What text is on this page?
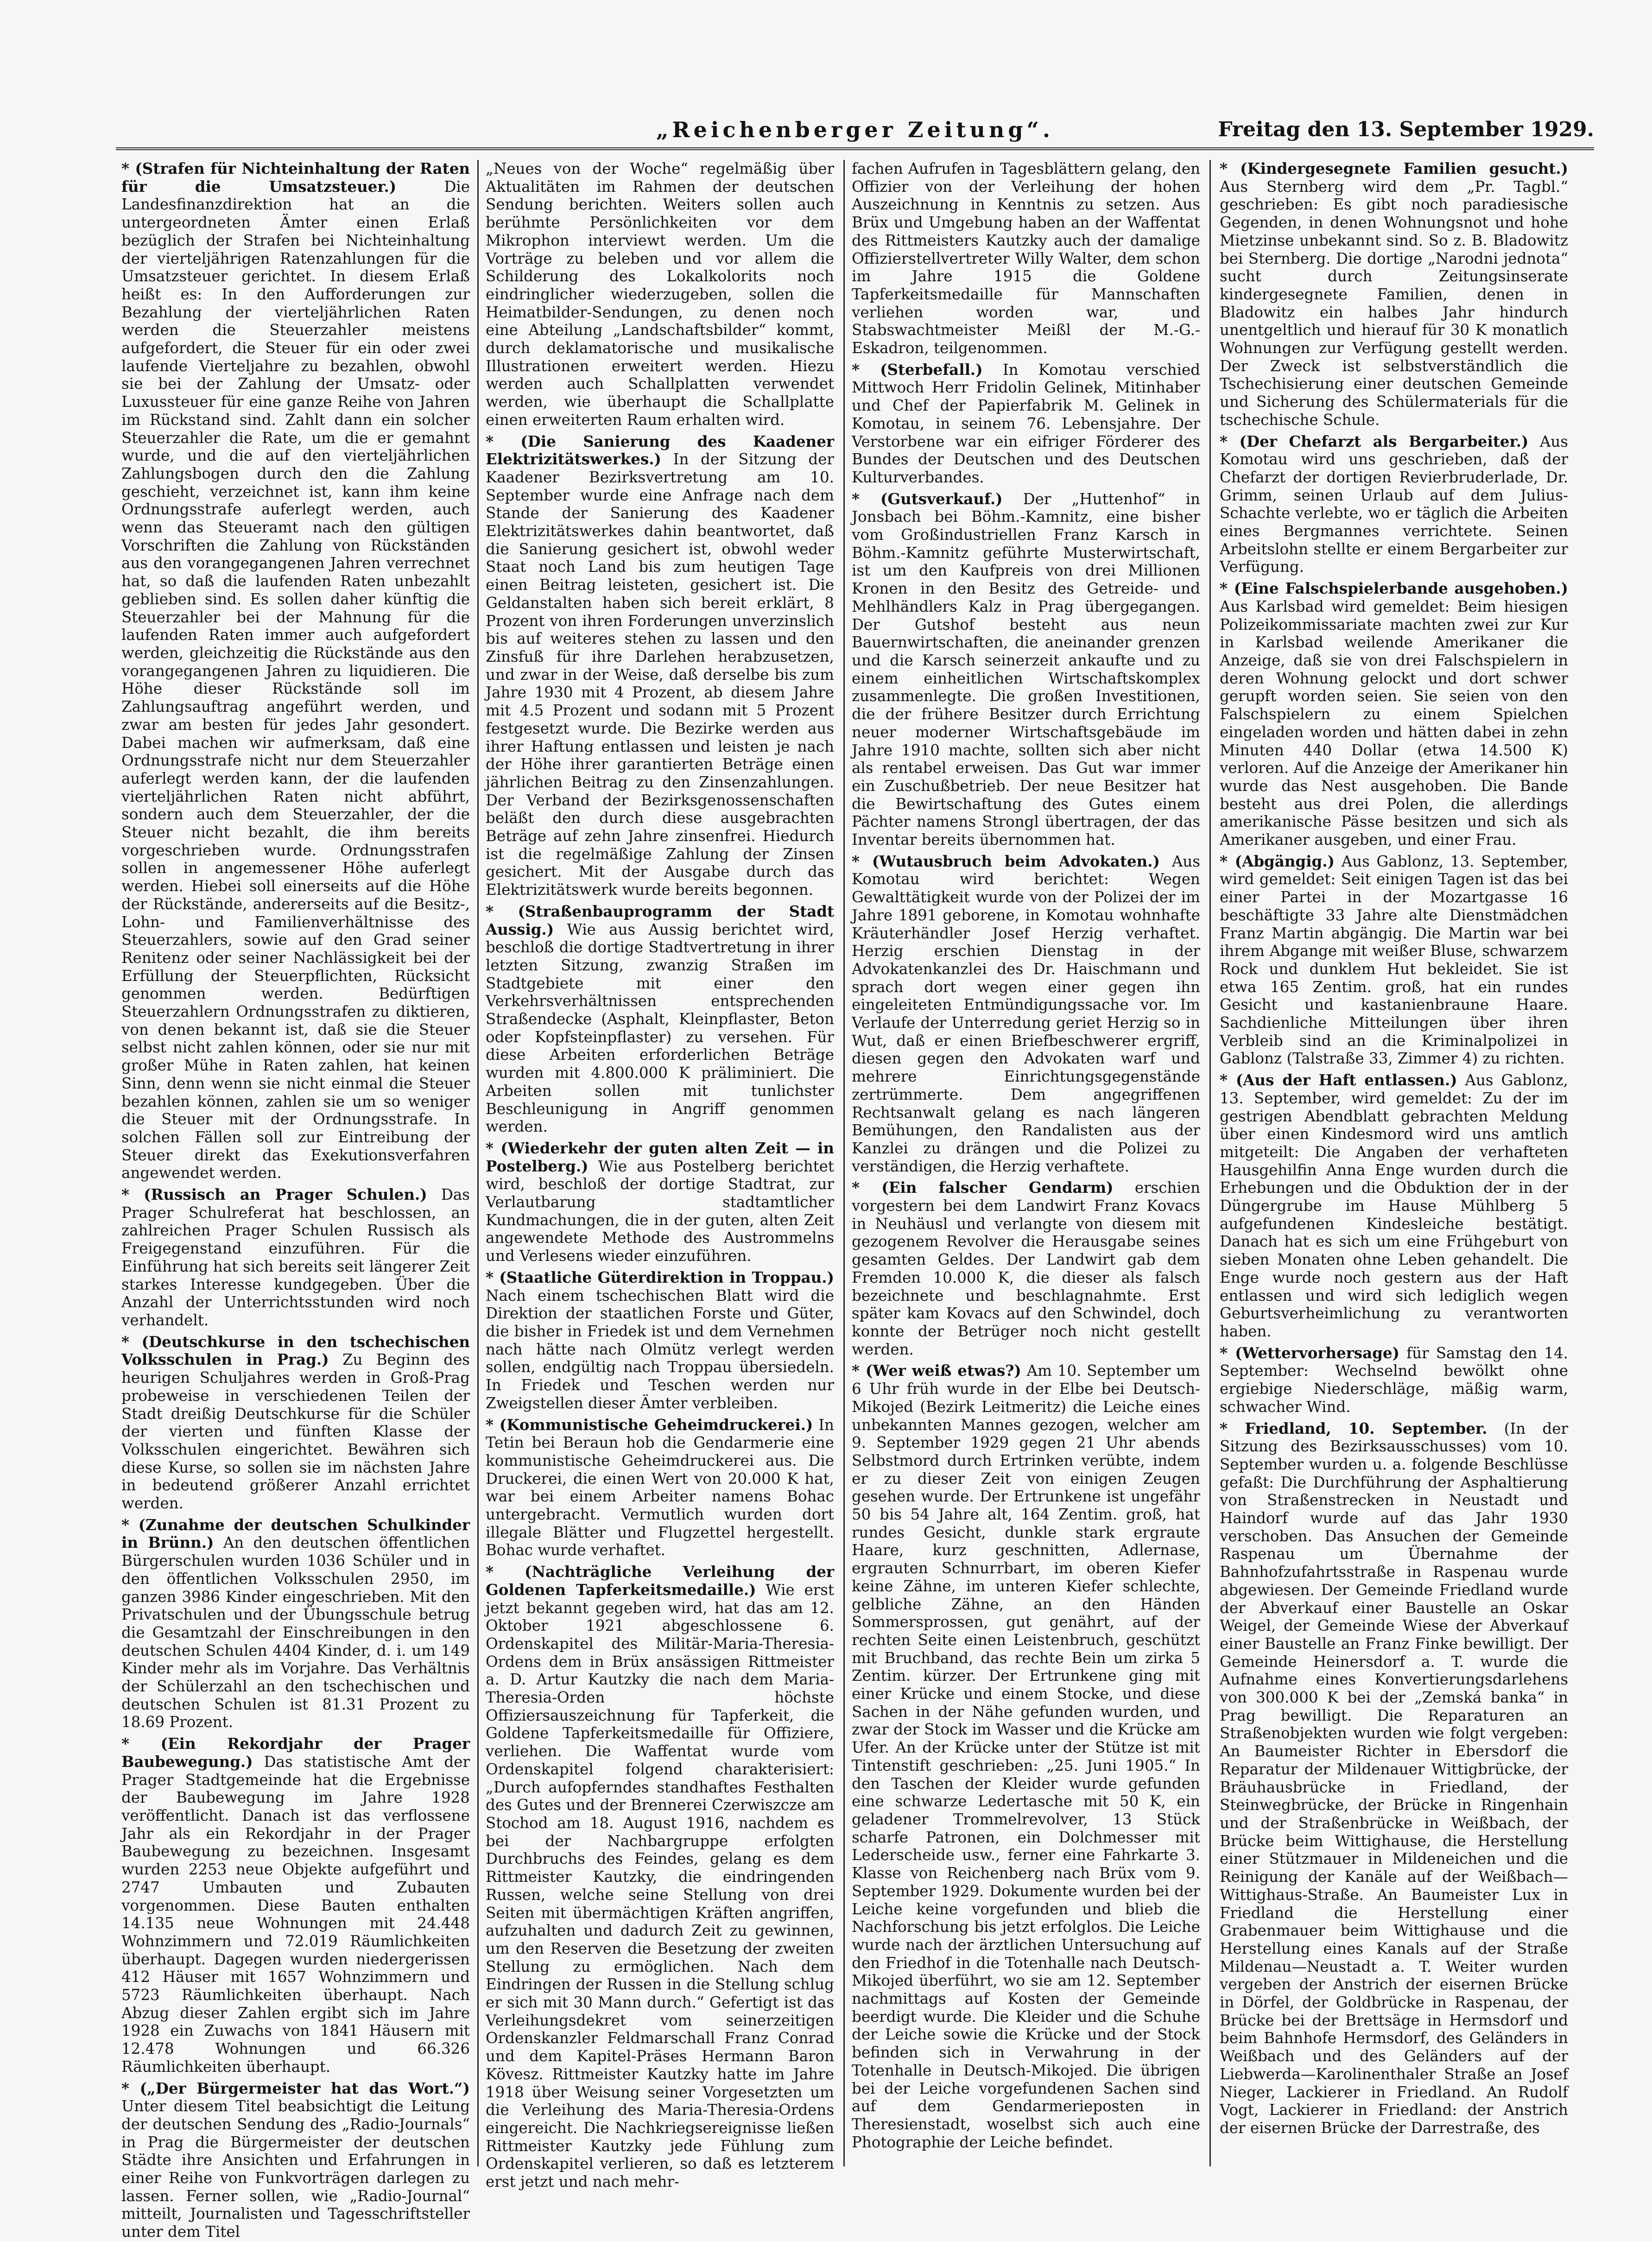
„Reichenberger Zeitung“.	Freitag den 13. September 1929.
* (Strafen für Nichteinhaltung der Raten für die Umsatzsteuer.)	Die Landesfinanzdirektion hat an die untergeordneten Ämter einen Erlaß bezüglich der Strafen bei Nichteinhaltung der vierteljährigen Ratenzahlungen für die Umsatzsteuer gerichtet. In diesem Erlaß heißt es: In den Aufforderungen zur Bezahlung der vierteljährlichen Raten werden die Steuerzahler meistens aufgefordert, die Steuer für ein oder zwei laufende Vierteljahre zu bezahlen, obwohl sie bei der Zahlung der Umsatz- oder Luxussteuer für eine ganze Reihe von Jahren im Rückstand sind. Zahlt dann ein solcher Steuerzahler die Rate, um die er gemahnt wurde, und die auf den vierteljährlichen Zahlungsbogen durch den die Zahlung geschieht, verzeichnet ist, kann ihm keine Ordnungsstrafe auferlegt werden, auch wenn das Steueramt nach den gültigen Vorschriften die Zahlung von Rückständen aus den vorangegangenen Jahren verrechnet hat, so daß die laufenden Raten unbezahlt geblieben sind. Es sollen daher künftig die Steuerzahler bei der Mahnung für die laufenden Raten immer auch aufgefordert werden, gleichzeitig die Rückstände aus den vorangegangenen Jahren zu liquidieren. Die Höhe dieser Rückstände soll im Zahlungsauftrag angeführt werden, und zwar am besten für jedes Jahr gesondert. Dabei machen wir aufmerksam, daß eine Ordnungsstrafe nicht nur dem Steuerzahler auferlegt werden kann, der die laufenden vierteljährlichen Raten nicht abführt, sondern auch dem Steuerzahler, der die Steuer nicht bezahlt, die ihm bereits vorgeschrieben wurde. Ordnungsstrafen sollen in angemessener Höhe auferlegt werden. Hiebei soll einerseits auf die Höhe der Rückstände, andererseits auf die Besitz-, Lohn- und Familienverhältnisse des Steuerzahlers, sowie auf den Grad seiner Renitenz oder seiner Nachlässigkeit bei der Erfüllung der Steuerpflichten, Rücksicht genommen werden. Bedürftigen Steuerzahlern Ordnungsstrafen zu diktieren, von denen bekannt ist, daß sie die Steuer selbst nicht zahlen können, oder sie nur mit großer Mühe in Raten zahlen, hat keinen Sinn, denn wenn sie nicht einmal die Steuer bezahlen können, zahlen sie um so weniger die Steuer mit der Ordnungsstrafe. In solchen Fällen soll zur Eintreibung der Steuer direkt das Exekutionsverfahren angewendet werden.

* (Russisch an Prager Schulen.) Das Prager Schulreferat hat beschlossen, an zahlreichen Prager Schulen Russisch als Freigegenstand einzuführen. Für die Einführung hat sich bereits seit längerer Zeit starkes Interesse kundgegeben. Über die Anzahl der Unterrichtsstunden wird noch verhandelt.

* (Deutschkurse in den tschechischen Volksschulen in Prag.) Zu Beginn des heurigen Schuljahres werden in Groß-Prag probeweise in verschiedenen Teilen der Stadt dreißig Deutschkurse für die Schüler der vierten und fünften Klasse der Volksschulen eingerichtet. Bewähren sich diese Kurse, so sollen sie im nächsten Jahre in bedeutend größerer Anzahl errichtet werden.

* (Zunahme der deutschen Schulkinder in Brünn.) An den deutschen öffentlichen Bürgerschulen wurden 1036 Schüler und in den öffentlichen Volksschulen 2950, im ganzen 3986 Kinder eingeschrieben. Mit den Privatschulen und der Übungsschule betrug die Gesamtzahl der Einschreibungen in den deutschen Schulen 4404 Kinder, d. i. um 149 Kinder mehr als im Vorjahre. Das Verhältnis der Schülerzahl an den tschechischen und deutschen Schulen ist 81.31 Prozent zu 18.69 Prozent.

* (Ein Rekordjahr der Prager Baubewegung.) Das statistische Amt der Prager Stadtgemeinde hat die Ergebnisse der Baubewegung im Jahre 1928 veröffentlicht. Danach ist das verflossene Jahr als ein Rekordjahr in der Prager Baubewegung zu bezeichnen. Insgesamt wurden 2253 neue Objekte aufgeführt und 2747 Umbauten und Zubauten vorgenommen. Diese Bauten enthalten 14.135 neue Wohnungen mit 24.448 Wohnzimmern und 72.019 Räumlichkeiten überhaupt. Dagegen wurden niedergerissen 412 Häuser mit 1657 Wohnzimmern und 5723 Räumlichkeiten überhaupt. Nach Abzug dieser Zahlen ergibt sich im Jahre 1928 ein Zuwachs von 1841 Häusern mit 12.478 Wohnungen und 66.326 Räumlichkeiten überhaupt.

* („Der Bürgermeister hat das Wort.“)

Unter diesem Titel beabsichtigt die Leitung der deutschen Sendung des „Radio-Journals“ in Prag die Bürgermeister der deutschen Städte ihre Ansichten und Erfahrungen in einer Reihe von Funkvorträgen darlegen zu lassen. Ferner sollen, wie „Radio-Journal“ mitteilt, Journalisten und Tagesschriftsteller unter dem Titel

„Neues von der Woche“ regelmäßig über Aktualitäten im Rahmen der deutschen Sendung berichten. Weiters sollen auch berühmte Persönlichkeiten vor dem Mikrophon interviewt werden. Um die Vorträge zu beleben und vor allem die Schilderung des Lokalkolorits noch eindringlicher wiederzugeben, sollen die Heimatbilder-Sendungen, zu denen noch eine Abteilung „Landschaftsbilder“ kommt, durch deklamatorische und musikalische Illustrationen erweitert werden. Hiezu werden auch Schallplatten verwendet werden, wie überhaupt die Schallplatte einen erweiterten Raum erhalten wird.

* (Die Sanierung des Kaadener Elektrizitätswerkes.) In der Sitzung der Kaadener Bezirksvertretung am 10. September wurde eine Anfrage nach dem Stande der Sanierung des Kaadener Elektrizitätswerkes dahin beantwortet, daß die Sanierung gesichert ist, obwohl weder Staat noch Land bis zum heutigen Tage einen Beitrag leisteten, gesichert ist. Die Geldanstalten haben sich bereit erklärt, 8 Prozent von ihren Forderungen unverzinslich bis auf weiteres stehen zu lassen und den Zinsfuß für ihre Darlehen herabzusetzen, und zwar in der Weise, daß derselbe bis zum Jahre 1930 mit 4 Prozent, ab diesem Jahre mit 4.5 Prozent und sodann mit 5 Prozent festgesetzt wurde. Die Bezirke werden aus ihrer Haftung entlassen und leisten je nach der Höhe ihrer garantierten Beträge einen jährlichen Beitrag zu den Zinsenzahlungen. Der Verband der Bezirksgenossenschaften beläßt den durch diese ausgebrachten Beträge auf zehn Jahre zinsenfrei. Hiedurch ist die regelmäßige Zahlung der Zinsen gesichert. Mit der Ausgabe durch das Elektrizitätswerk wurde bereits begonnen.

* (Straßenbauprogramm der Stadt Aussig.) Wie aus Aussig berichtet wird, beschloß die dortige Stadtvertretung in ihrer letzten Sitzung, zwanzig Straßen im Stadtgebiete mit einer den Verkehrsverhältnissen entsprechenden Straßendecke (Asphalt, Kleinpflaster, Beton oder Kopfsteinpflaster) zu versehen. Für diese Arbeiten erforderlichen Beträge wurden mit 4.800.000 K präliminiert. Die Arbeiten sollen mit tunlichster Beschleunigung in Angriff genommen werden.

* (Wiederkehr der guten alten Zeit — in Postelberg.) Wie aus Postelberg berichtet wird, beschloß der dortige Stadtrat, zur Verlautbarung stadtamtlicher Kundmachungen, die in der guten, alten Zeit angewendete Methode des Austrommelns und Verlesens wieder einzuführen.

* (Staatliche Güterdirektion in Troppau.)

Nach einem tschechischen Blatt wird die Direktion der staatlichen Forste und Güter, die bisher in Friedek ist und dem Vernehmen nach hätte nach Olmütz verlegt werden sollen, endgültig nach Troppau übersiedeln. In Friedek und Teschen werden nur Zweigstellen dieser Ämter verbleiben.

* (Kommunistische Geheimdruckerei.) In Tetin bei Beraun hob die Gendarmerie eine kommunistische Geheimdruckerei aus. Die Druckerei, die einen Wert von 20.000 K hat, war bei einem Arbeiter namens Bohac untergebracht. Vermutlich wurden dort illegale Blätter und Flugzettel hergestellt. Bohac wurde verhaftet.

* (Nachträgliche Verleihung der Goldenen Tapferkeitsmedaille.) Wie erst jetzt bekannt gegeben wird, hat das am 12. Oktober 1921 abgeschlossene 6. Ordenskapitel des Militär-Maria-Theresia-Ordens dem in Brüx ansässigen Rittmeister a. D. Artur Kautzky die nach dem Maria-Theresia-Orden höchste Offiziersauszeichnung für Tapferkeit, die Goldene Tapferkeitsmedaille für Offiziere, verliehen. Die Waffentat wurde vom Ordenskapitel folgend charakterisiert: „Durch aufopferndes standhaftes Festhalten des Gutes und der Brennerei Czerwiszcze am Stochod am 18. August 1916, nachdem es bei der Nachbargruppe erfolgten Durchbruchs des Feindes, gelang es dem Rittmeister Kautzky, die eindringenden Russen, welche seine Stellung von drei Seiten mit übermächtigen Kräften angriffen, aufzuhalten und dadurch Zeit zu gewinnen, um den Reserven die Besetzung der zweiten Stellung zu ermöglichen. Nach dem Eindringen der Russen in die Stellung schlug er sich mit 30 Mann durch.“ Gefertigt ist das Verleihungsdekret vom seinerzeitigen Ordenskanzler Feldmarschall Franz Conrad und dem Kapitel-Präses Hermann Baron Kövesz. Rittmeister Kautzky hatte im Jahre 1918 über Weisung seiner Vorgesetzten um die Verleihung des Maria-Theresia-Ordens eingereicht. Die Nachkriegsereignisse ließen Rittmeister Kautzky jede Fühlung zum Ordenskapitel verlieren, so daß es letzterem erst jetzt und nach mehr-

fachen Aufrufen in Tagesblättern gelang, den Offizier von der Verleihung der hohen Auszeichnung in Kenntnis zu setzen. Aus Brüx und Umgebung haben an der Waffentat des Rittmeisters Kautzky auch der damalige Offizierstellvertreter Willy Walter, dem schon im Jahre 1915 die Goldene Tapferkeitsmedaille für Mannschaften verliehen worden war, und Stabswachtmeister Meißl der M.-G.-Eskadron, teilgenommen.

* (Sterbefall.) In Komotau verschied Mittwoch Herr Fridolin Gelinek, Mitinhaber und Chef der Papierfabrik M. Gelinek in Komotau, in seinem 76. Lebensjahre. Der Verstorbene war ein eifriger Förderer des Bundes der Deutschen und des Deutschen Kulturverbandes.

* (Gutsverkauf.) Der „Huttenhof“ in Jonsbach bei Böhm.-Kamnitz, eine bisher vom Großindustriellen Franz Karsch in Böhm.-Kamnitz geführte Musterwirtschaft, ist um den Kaufpreis von drei Millionen Kronen in den Besitz des Getreide- und Mehlhändlers Kalz in Prag übergegangen. Der Gutshof besteht aus neun Bauernwirtschaften, die aneinander grenzen und die Karsch seinerzeit ankaufte und zu einem einheitlichen Wirtschaftskomplex zusammenlegte. Die großen Investitionen, die der frühere Besitzer durch Errichtung neuer moderner Wirtschaftsgebäude im Jahre 1910 machte, sollten sich aber nicht als rentabel erweisen. Das Gut war immer ein Zuschußbetrieb. Der neue Besitzer hat die Bewirtschaftung des Gutes einem Pächter namens Strongl übertragen, der das Inventar bereits übernommen hat.

* (Wutausbruch beim Advokaten.) Aus Komotau wird berichtet: Wegen Gewalttätigkeit wurde von der Polizei der im Jahre 1891 geborene, in Komotau wohnhafte Kräuterhändler Josef Herzig verhaftet. Herzig erschien Dienstag in der Advokatenkanzlei des Dr. Haischmann und sprach dort wegen einer gegen ihn eingeleiteten Entmündigungssache vor. Im Verlaufe der Unterredung geriet Herzig so in Wut, daß er einen Briefbeschwerer ergriff, diesen gegen den Advokaten warf und mehrere Einrichtungsgegenstände zertrümmerte. Dem angegriffenen Rechtsanwalt gelang es nach längeren Bemühungen, den Randalisten aus der Kanzlei zu drängen und die Polizei zu verständigen, die Herzig verhaftete.

* (Ein falscher Gendarm) erschien vorgestern bei dem Landwirt Franz Kovacs in Neuhäusl und verlangte von diesem mit gezogenem Revolver die Herausgabe seines gesamten Geldes. Der Landwirt gab dem Fremden 10.000 K, die dieser als falsch bezeichnete und beschlagnahmte. Erst später kam Kovacs auf den Schwindel, doch konnte der Betrüger noch nicht gestellt werden.

* (Wer weiß etwas?) Am 10. September um 6 Uhr früh wurde in der Elbe bei Deutsch-Mikojed (Bezirk Leitmeritz) die Leiche eines unbekannten Mannes gezogen, welcher am 9. September 1929 gegen 21 Uhr abends Selbstmord durch Ertrinken verübte, indem er zu dieser Zeit von einigen Zeugen gesehen wurde. Der Ertrunkene ist ungefähr 50 bis 54 Jahre alt, 164 Zentim. groß, hat rundes Gesicht, dunkle stark ergraute Haare, kurz geschnitten, Adlernase, ergrauten Schnurrbart, im oberen Kiefer keine Zähne, im unteren Kiefer schlechte, gelbliche Zähne, an den Händen Sommersprossen, gut genährt, auf der rechten Seite einen Leistenbruch, geschützt mit Bruchband, das rechte Bein um zirka 5 Zentim. kürzer. Der Ertrunkene ging mit einer Krücke und einem Stocke, und diese Sachen in der Nähe gefunden wurden, und zwar der Stock im Wasser und die Krücke am Ufer. An der Krücke unter der Stütze ist mit Tintenstift geschrieben: „25. Juni 1905.“ In den Taschen der Kleider wurde gefunden eine schwarze Ledertasche mit 50 K, ein geladener Trommelrevolver, 13 Stück scharfe Patronen, ein Dolchmesser mit Lederscheide usw., ferner eine Fahrkarte 3. Klasse von Reichenberg nach Brüx vom 9. September 1929. Dokumente wurden bei der Leiche keine vorgefunden und blieb die Nachforschung bis jetzt erfolglos. Die Leiche wurde nach der ärztlichen Untersuchung auf den Friedhof in die Totenhalle nach Deutsch-Mikojed überführt, wo sie am 12. September nachmittags auf Kosten der Gemeinde beerdigt wurde. Die Kleider und die Schuhe der Leiche sowie die Krücke und der Stock befinden sich in Verwahrung in der Totenhalle in Deutsch-Mikojed. Die übrigen bei der Leiche vorgefundenen Sachen sind auf dem Gendarmerieposten in Theresienstadt, woselbst sich auch eine Photographie der Leiche befindet.

* (Kindergesegnete Familien gesucht.)

Aus Sternberg wird dem „Pr. Tagbl.“ geschrieben: Es gibt noch paradiesische Gegenden, in denen Wohnungsnot und hohe Mietzinse unbekannt sind. So z. B. Bladowitz bei Sternberg. Die dortige „Narodni jednota“ sucht durch Zeitungsinserate kindergesegnete Familien, denen in Bladowitz ein halbes Jahr hindurch unentgeltlich und hierauf für 30 K monatlich Wohnungen zur Verfügung gestellt werden. Der Zweck ist selbstverständlich die Tschechisierung einer deutschen Gemeinde und Sicherung des Schülermaterials für die tschechische Schule.

* (Der Chefarzt als Bergarbeiter.) Aus Komotau wird uns geschrieben, daß der Chefarzt der dortigen Revierbruderlade, Dr. Grimm, seinen Urlaub auf dem Julius-Schachte verlebte, wo er täglich die Arbeiten eines Bergmannes verrichtete. Seinen Arbeitslohn stellte er einem Bergarbeiter zur Verfügung.

* (Eine Falschspielerbande ausgehoben.)

Aus Karlsbad wird gemeldet: Beim hiesigen Polizeikommissariate machten zwei zur Kur in Karlsbad weilende Amerikaner die Anzeige, daß sie von drei Falschspielern in deren Wohnung gelockt und dort schwer gerupft worden seien. Sie seien von den Falschspielern zu einem Spielchen eingeladen worden und hätten dabei in zehn Minuten 440 Dollar (etwa 14.500 K) verloren. Auf die Anzeige der Amerikaner hin wurde das Nest ausgehoben. Die Bande besteht aus drei Polen, die allerdings amerikanische Pässe besitzen und sich als Amerikaner ausgeben, und einer Frau.

* (Abgängig.) Aus Gablonz, 13. September, wird gemeldet: Seit einigen Tagen ist das bei einer Partei in der Mozartgasse 16 beschäftigte 33 Jahre alte Dienstmädchen Franz Martin abgängig. Die Martin war bei ihrem Abgange mit weißer Bluse, schwarzem Rock und dunklem Hut bekleidet. Sie ist etwa 165 Zentim. groß, hat ein rundes Gesicht und kastanienbraune Haare. Sachdienliche Mitteilungen über ihren Verbleib sind an die Kriminalpolizei in Gablonz (Talstraße 33, Zimmer 4) zu richten.

* (Aus der Haft entlassen.) Aus Gablonz, 13. September, wird gemeldet: Zu der im gestrigen Abendblatt gebrachten Meldung über einen Kindesmord wird uns amtlich mitgeteilt: Die Angaben der verhafteten Hausgehilfin Anna Enge wurden durch die Erhebungen und die Obduktion der in der Düngergrube im Hause Mühlberg 5 aufgefundenen Kindesleiche bestätigt. Danach hat es sich um eine Frühgeburt von sieben Monaten ohne Leben gehandelt. Die Enge wurde noch gestern aus der Haft entlassen und wird sich lediglich wegen Geburtsverheimlichung zu verantworten haben.

* (Wettervorhersage) für Samstag den 14. September: Wechselnd bewölkt ohne ergiebige Niederschläge, mäßig warm, schwacher Wind.

* Friedland, 10. September. (In der Sitzung des Bezirksausschusses) vom 10. September wurden u. a. folgende Beschlüsse gefaßt: Die Durchführung der Asphaltierung von Straßenstrecken in Neustadt und Haindorf wurde auf das Jahr 1930 verschoben. Das Ansuchen der Gemeinde Raspenau um Übernahme der Bahnhofzufahrtsstraße in Raspenau wurde abgewiesen. Der Gemeinde Friedland wurde der Abverkauf einer Baustelle an Oskar Weigel, der Gemeinde Wiese der Abverkauf einer Baustelle an Franz Finke bewilligt. Der Gemeinde Heinersdorf a. T. wurde die Aufnahme eines Konvertierungsdarlehens von 300.000 K bei der „Zemská banka“ in Prag bewilligt. Die Reparaturen an Straßenobjekten wurden wie folgt vergeben: An Baumeister Richter in Ebersdorf die Reparatur der Mildenauer Wittigbrücke, der Bräuhausbrücke in Friedland, der Steinwegbrücke, der Brücke in Ringenhain und der Straßenbrücke in Weißbach, der Brücke beim Wittighause, die Herstellung einer Stützmauer in Mildeneichen und die Reinigung der Kanäle auf der Weißbach—Wittighaus-Straße. An Baumeister Lux in Friedland die Herstellung einer Grabenmauer beim Wittighause und die Herstellung eines Kanals auf der Straße Mildenau—Neustadt a. T. Weiter wurden vergeben der Anstrich der eisernen Brücke in Dörfel, der Goldbrücke in Raspenau, der Brücke bei der Brettsäge in Hermsdorf und beim Bahnhofe Hermsdorf, des Geländers in Weißbach und des Geländers auf der Liebwerda—Karolinenthaler Straße an Josef Nieger, Lackierer in Friedland. An Rudolf Vogt, Lackierer in Friedland: der Anstrich der eisernen Brücke der Darrestraße, des
